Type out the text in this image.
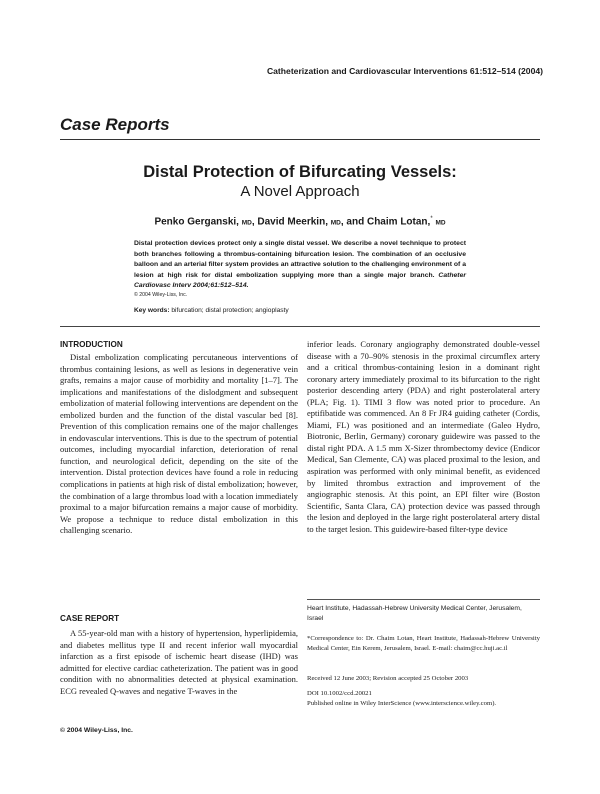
Catheterization and Cardiovascular Interventions 61:512–514 (2004)
Case Reports
Distal Protection of Bifurcating Vessels:
A Novel Approach
Penko Gerganski, MD, David Meerkin, MD, and Chaim Lotan,* MD
Distal protection devices protect only a single distal vessel. We describe a novel technique to protect both branches following a thrombus-containing bifurcation lesion. The combination of an occlusive balloon and an arterial filter system provides an attractive solution to the challenging environment of a lesion at high risk for distal embolization supplying more than a single major branch. Catheter Cardiovasc Interv 2004;61:512–514.
© 2004 Wiley-Liss, Inc.
Key words: bifurcation; distal protection; angioplasty
INTRODUCTION

Distal embolization complicating percutaneous interventions of thrombus containing lesions, as well as lesions in degenerative vein grafts, remains a major cause of morbidity and mortality [1–7]. The implications and manifestations of the dislodgment and subsequent embolization of material following interventions are dependent on the embolized burden and the function of the distal vascular bed [8]. Prevention of this complication remains one of the major challenges in endovascular interventions. This is due to the spectrum of potential outcomes, including myocardial infarction, deterioration of renal function, and neurological deficit, depending on the site of the intervention. Distal protection devices have found a role in reducing complications in patients at high risk of distal embolization; however, the combination of a large thrombus load with a location immediately proximal to a major bifurcation remains a major cause of morbidity. We propose a technique to reduce distal embolization in this challenging scenario.

CASE REPORT

A 55-year-old man with a history of hypertension, hyperlipidemia, and diabetes mellitus type II and recent inferior wall myocardial infarction as a first episode of ischemic heart disease (IHD) was admitted for elective cardiac catheterization. The patient was in good condition with no abnormalities detected at physical examination. ECG revealed Q-waves and negative T-waves in the

inferior leads. Coronary angiography demonstrated double-vessel disease with a 70–90% stenosis in the proximal circumflex artery and a critical thrombus-containing lesion in a dominant right coronary artery immediately proximal to its bifurcation to the right posterior descending artery (PDA) and right posterolateral artery (PLA; Fig. 1). TIMI 3 flow was noted prior to procedure. An eptifibatide was commenced. An 8 Fr JR4 guiding catheter (Cordis, Miami, FL) was positioned and an intermediate (Galeo Hydro, Biotronic, Berlin, Germany) coronary guidewire was passed to the distal right PDA. A 1.5 mm X-Sizer thrombectomy device (Endicor Medical, San Clemente, CA) was placed proximal to the lesion, and aspiration was performed with only minimal benefit, as evidenced by limited thrombus extraction and improvement of the angiographic stenosis. At this point, an EPI filter wire (Boston Scientific, Santa Clara, CA) protection device was passed through the lesion and deployed in the large right posterolateral artery distal to the target lesion. This guidewire-based filter-type device

Heart Institute, Hadassah-Hebrew University Medical Center, Jerusalem, Israel
*Correspondence to: Dr. Chaim Lotan, Heart Institute, Hadassah-Hebrew University Medical Center, Ein Kerem, Jerusalem, Israel. E-mail: chaim@cc.huji.ac.il
Received 12 June 2003; Revision accepted 25 October 2003
DOI 10.1002/ccd.20021
Published online in Wiley InterScience (www.interscience.wiley.com).
© 2004 Wiley-Liss, Inc.
